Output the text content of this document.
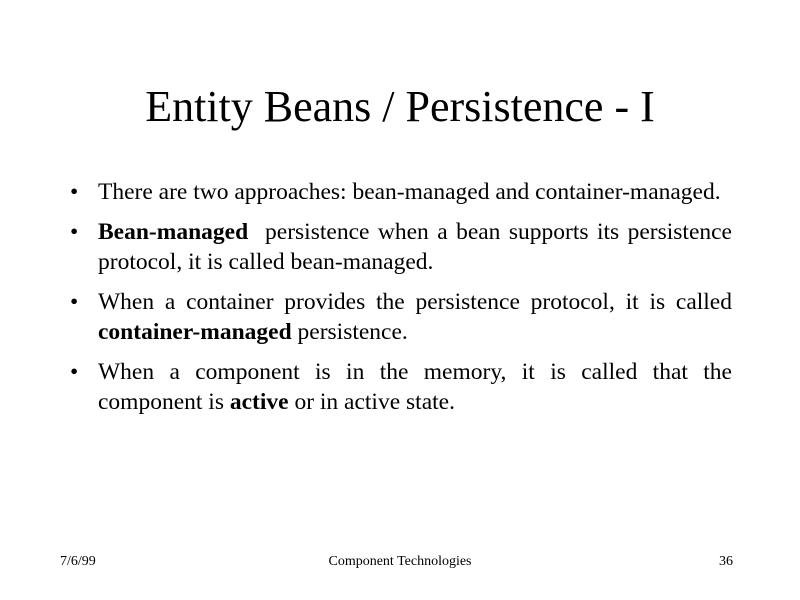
Entity Beans / Persistence - I
• There are two approaches: bean-managed and container-managed.
• Bean-managed  persistence when a bean supports its persistence protocol, it is called bean-managed.
• When a container provides the persistence protocol, it is called container-managed persistence.
• When a component is in the memory, it is called that the component is active or in active state.
7/6/99	Component Technologies	36
